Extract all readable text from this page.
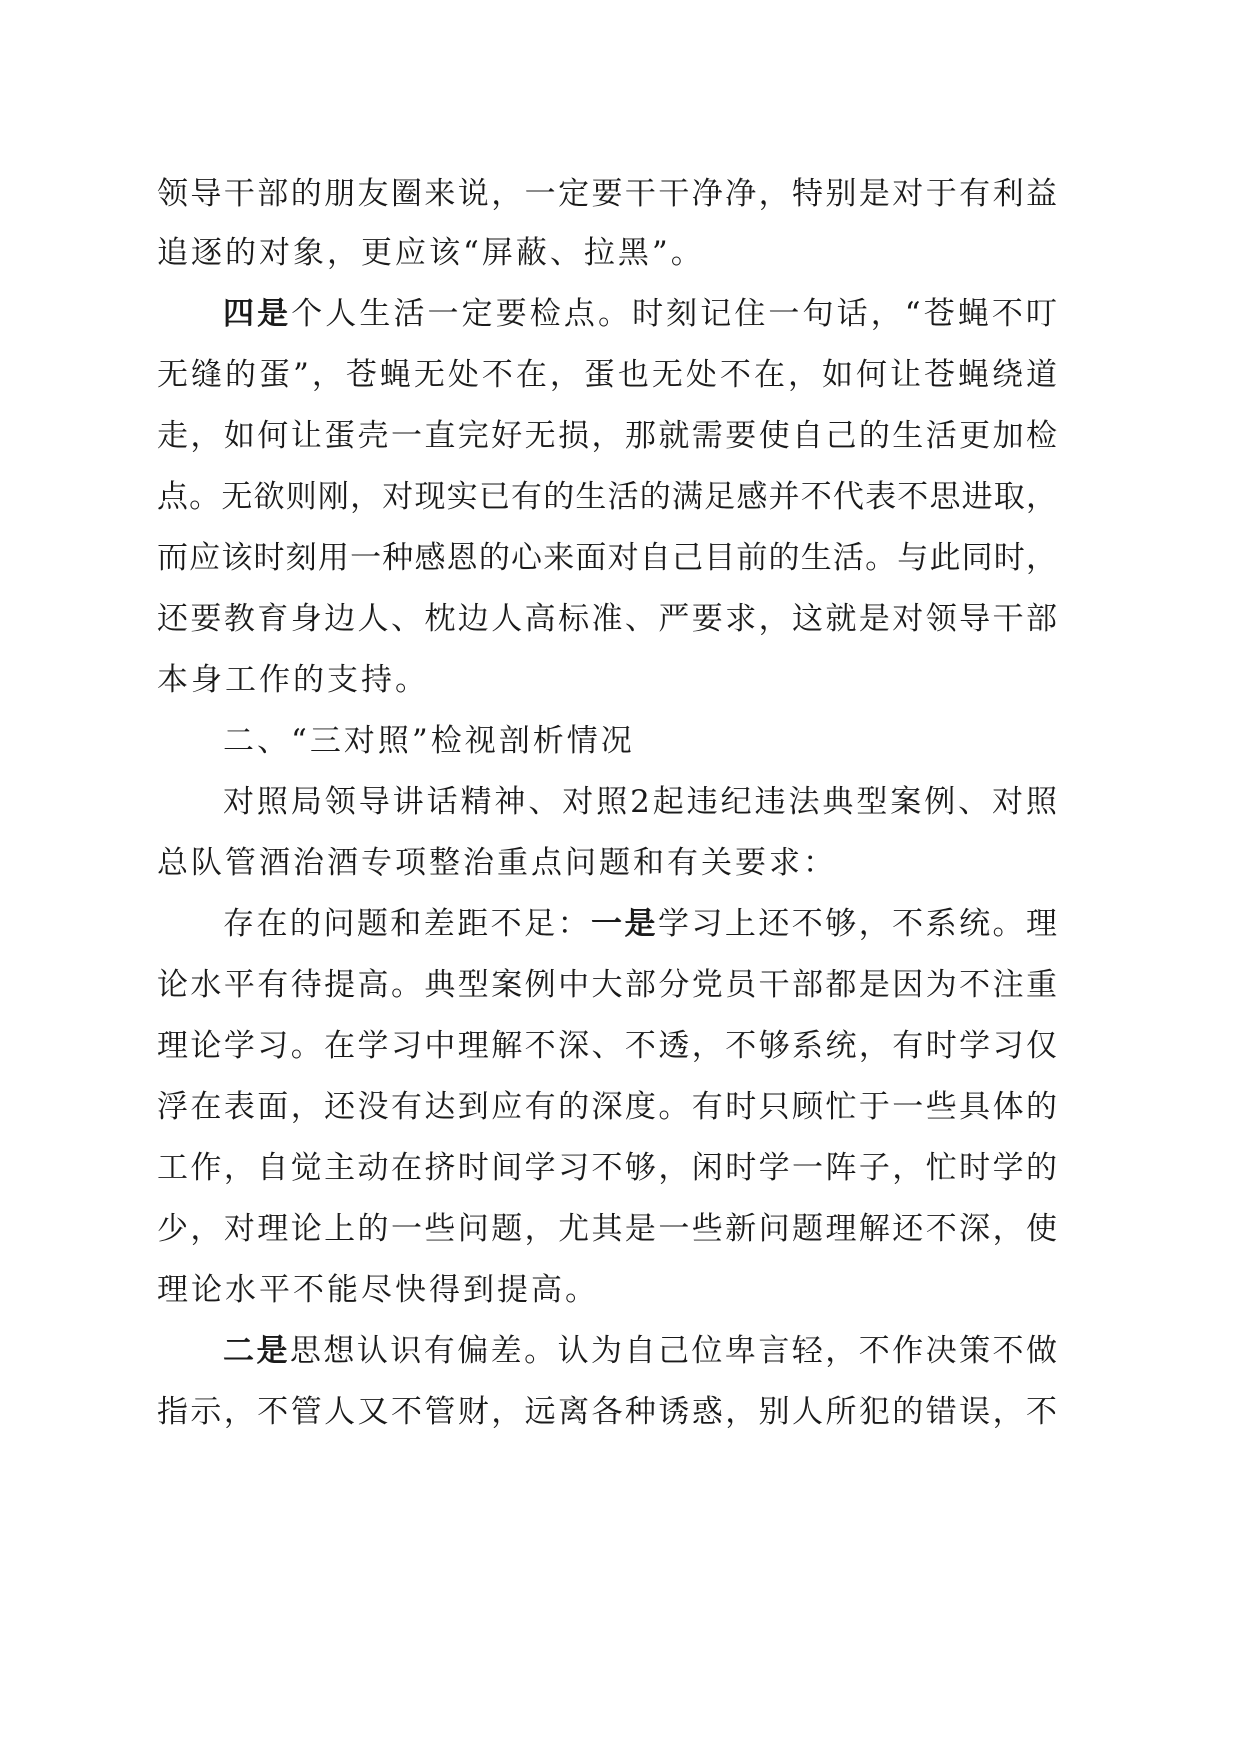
领导干部的朋友圈来说，一定要干干净净，特别是对于有利益
追逐的对象，更应该“屏蔽、拉黑”。
四是个人生活一定要检点。时刻记住一句话，“苍蝇不叮
无缝的蛋”，苍蝇无处不在，蛋也无处不在，如何让苍蝇绕道
走，如何让蛋壳一直完好无损，那就需要使自己的生活更加检
点。无欲则刚，对现实已有的生活的满足感并不代表不思进取，
而应该时刻用一种感恩的心来面对自己目前的生活。与此同时，
还要教育身边人、枕边人高标准、严要求，这就是对领导干部
本身工作的支持。
二、“三对照”检视剖析情况
对照局领导讲话精神、对照2起违纪违法典型案例、对照
总队管酒治酒专项整治重点问题和有关要求：
存在的问题和差距不足：一是学习上还不够，不系统。理
论水平有待提高。典型案例中大部分党员干部都是因为不注重
理论学习。在学习中理解不深、不透，不够系统，有时学习仅
浮在表面，还没有达到应有的深度。有时只顾忙于一些具体的
工作，自觉主动在挤时间学习不够，闲时学一阵子，忙时学的
少，对理论上的一些问题，尤其是一些新问题理解还不深，使
理论水平不能尽快得到提高。
二是思想认识有偏差。认为自己位卑言轻，不作决策不做
指示，不管人又不管财，远离各种诱惑，别人所犯的错误，不
